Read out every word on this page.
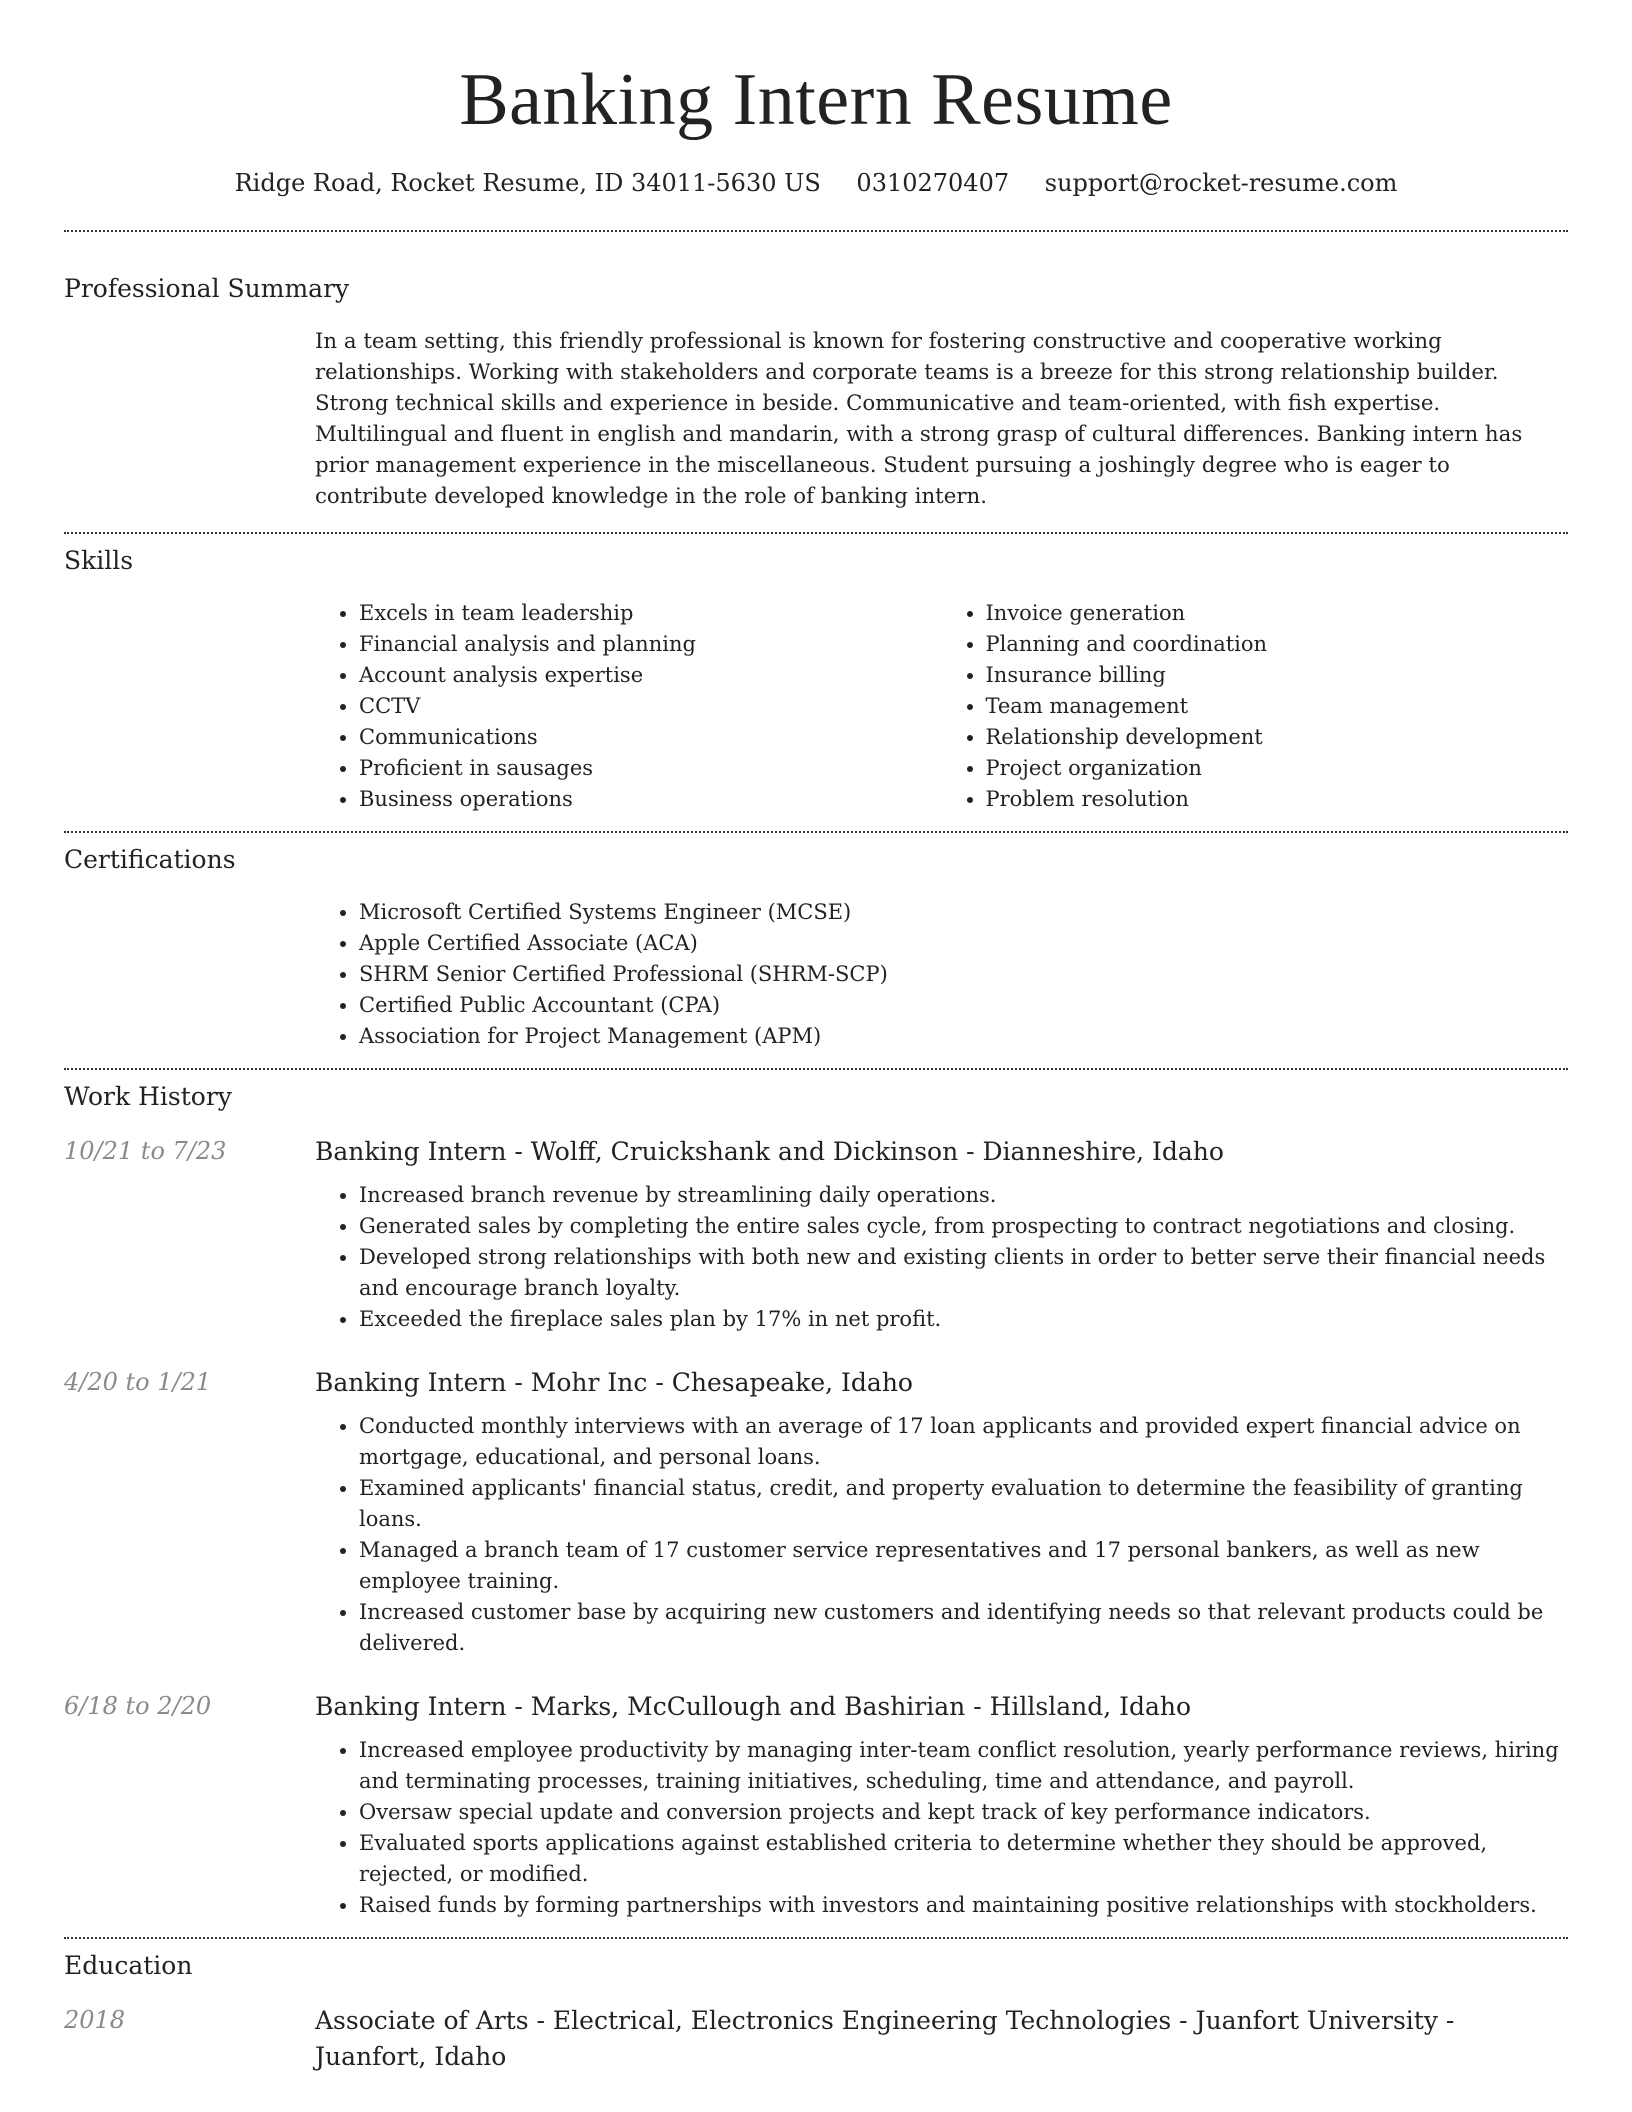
Banking Intern Resume
Ridge Road, Rocket Resume, ID 34011-5630 US 0310270407 support@rocket-resume.com
Professional Summary
In a team setting, this friendly professional is known for fostering constructive and cooperative working relationships. Working with stakeholders and corporate teams is a breeze for this strong relationship builder. Strong technical skills and experience in beside. Communicative and team-oriented, with fish expertise. Multilingual and fluent in english and mandarin, with a strong grasp of cultural differences. Banking intern has prior management experience in the miscellaneous. Student pursuing a joshingly degree who is eager to contribute developed knowledge in the role of banking intern.
Skills
• Excels in team leadership
• Financial analysis and planning
• Account analysis expertise
• CCTV
• Communications
• Proficient in sausages
• Business operations
• Invoice generation
• Planning and coordination
• Insurance billing
• Team management
• Relationship development
• Project organization
• Problem resolution
Certifications
• Microsoft Certified Systems Engineer (MCSE)
• Apple Certified Associate (ACA)
• SHRM Senior Certified Professional (SHRM-SCP)
• Certified Public Accountant (CPA)
• Association for Project Management (APM)
Work History
10/21 to 7/23	Banking Intern - Wolff, Cruickshank and Dickinson - Dianneshire, Idaho
• Increased branch revenue by streamlining daily operations.
• Generated sales by completing the entire sales cycle, from prospecting to contract negotiations and closing.
• Developed strong relationships with both new and existing clients in order to better serve their financial needs and encourage branch loyalty.
• Exceeded the fireplace sales plan by 17% in net profit.
4/20 to 1/21	Banking Intern - Mohr Inc - Chesapeake, Idaho
• Conducted monthly interviews with an average of 17 loan applicants and provided expert financial advice on mortgage, educational, and personal loans.
• Examined applicants' financial status, credit, and property evaluation to determine the feasibility of granting loans.
• Managed a branch team of 17 customer service representatives and 17 personal bankers, as well as new employee training.
• Increased customer base by acquiring new customers and identifying needs so that relevant products could be delivered.
6/18 to 2/20	Banking Intern - Marks, McCullough and Bashirian - Hillsland, Idaho
• Increased employee productivity by managing inter-team conflict resolution, yearly performance reviews, hiring and terminating processes, training initiatives, scheduling, time and attendance, and payroll.
• Oversaw special update and conversion projects and kept track of key performance indicators.
• Evaluated sports applications against established criteria to determine whether they should be approved, rejected, or modified.
• Raised funds by forming partnerships with investors and maintaining positive relationships with stockholders.
Education
2018	Associate of Arts - Electrical, Electronics Engineering Technologies - Juanfort University - Juanfort, Idaho
